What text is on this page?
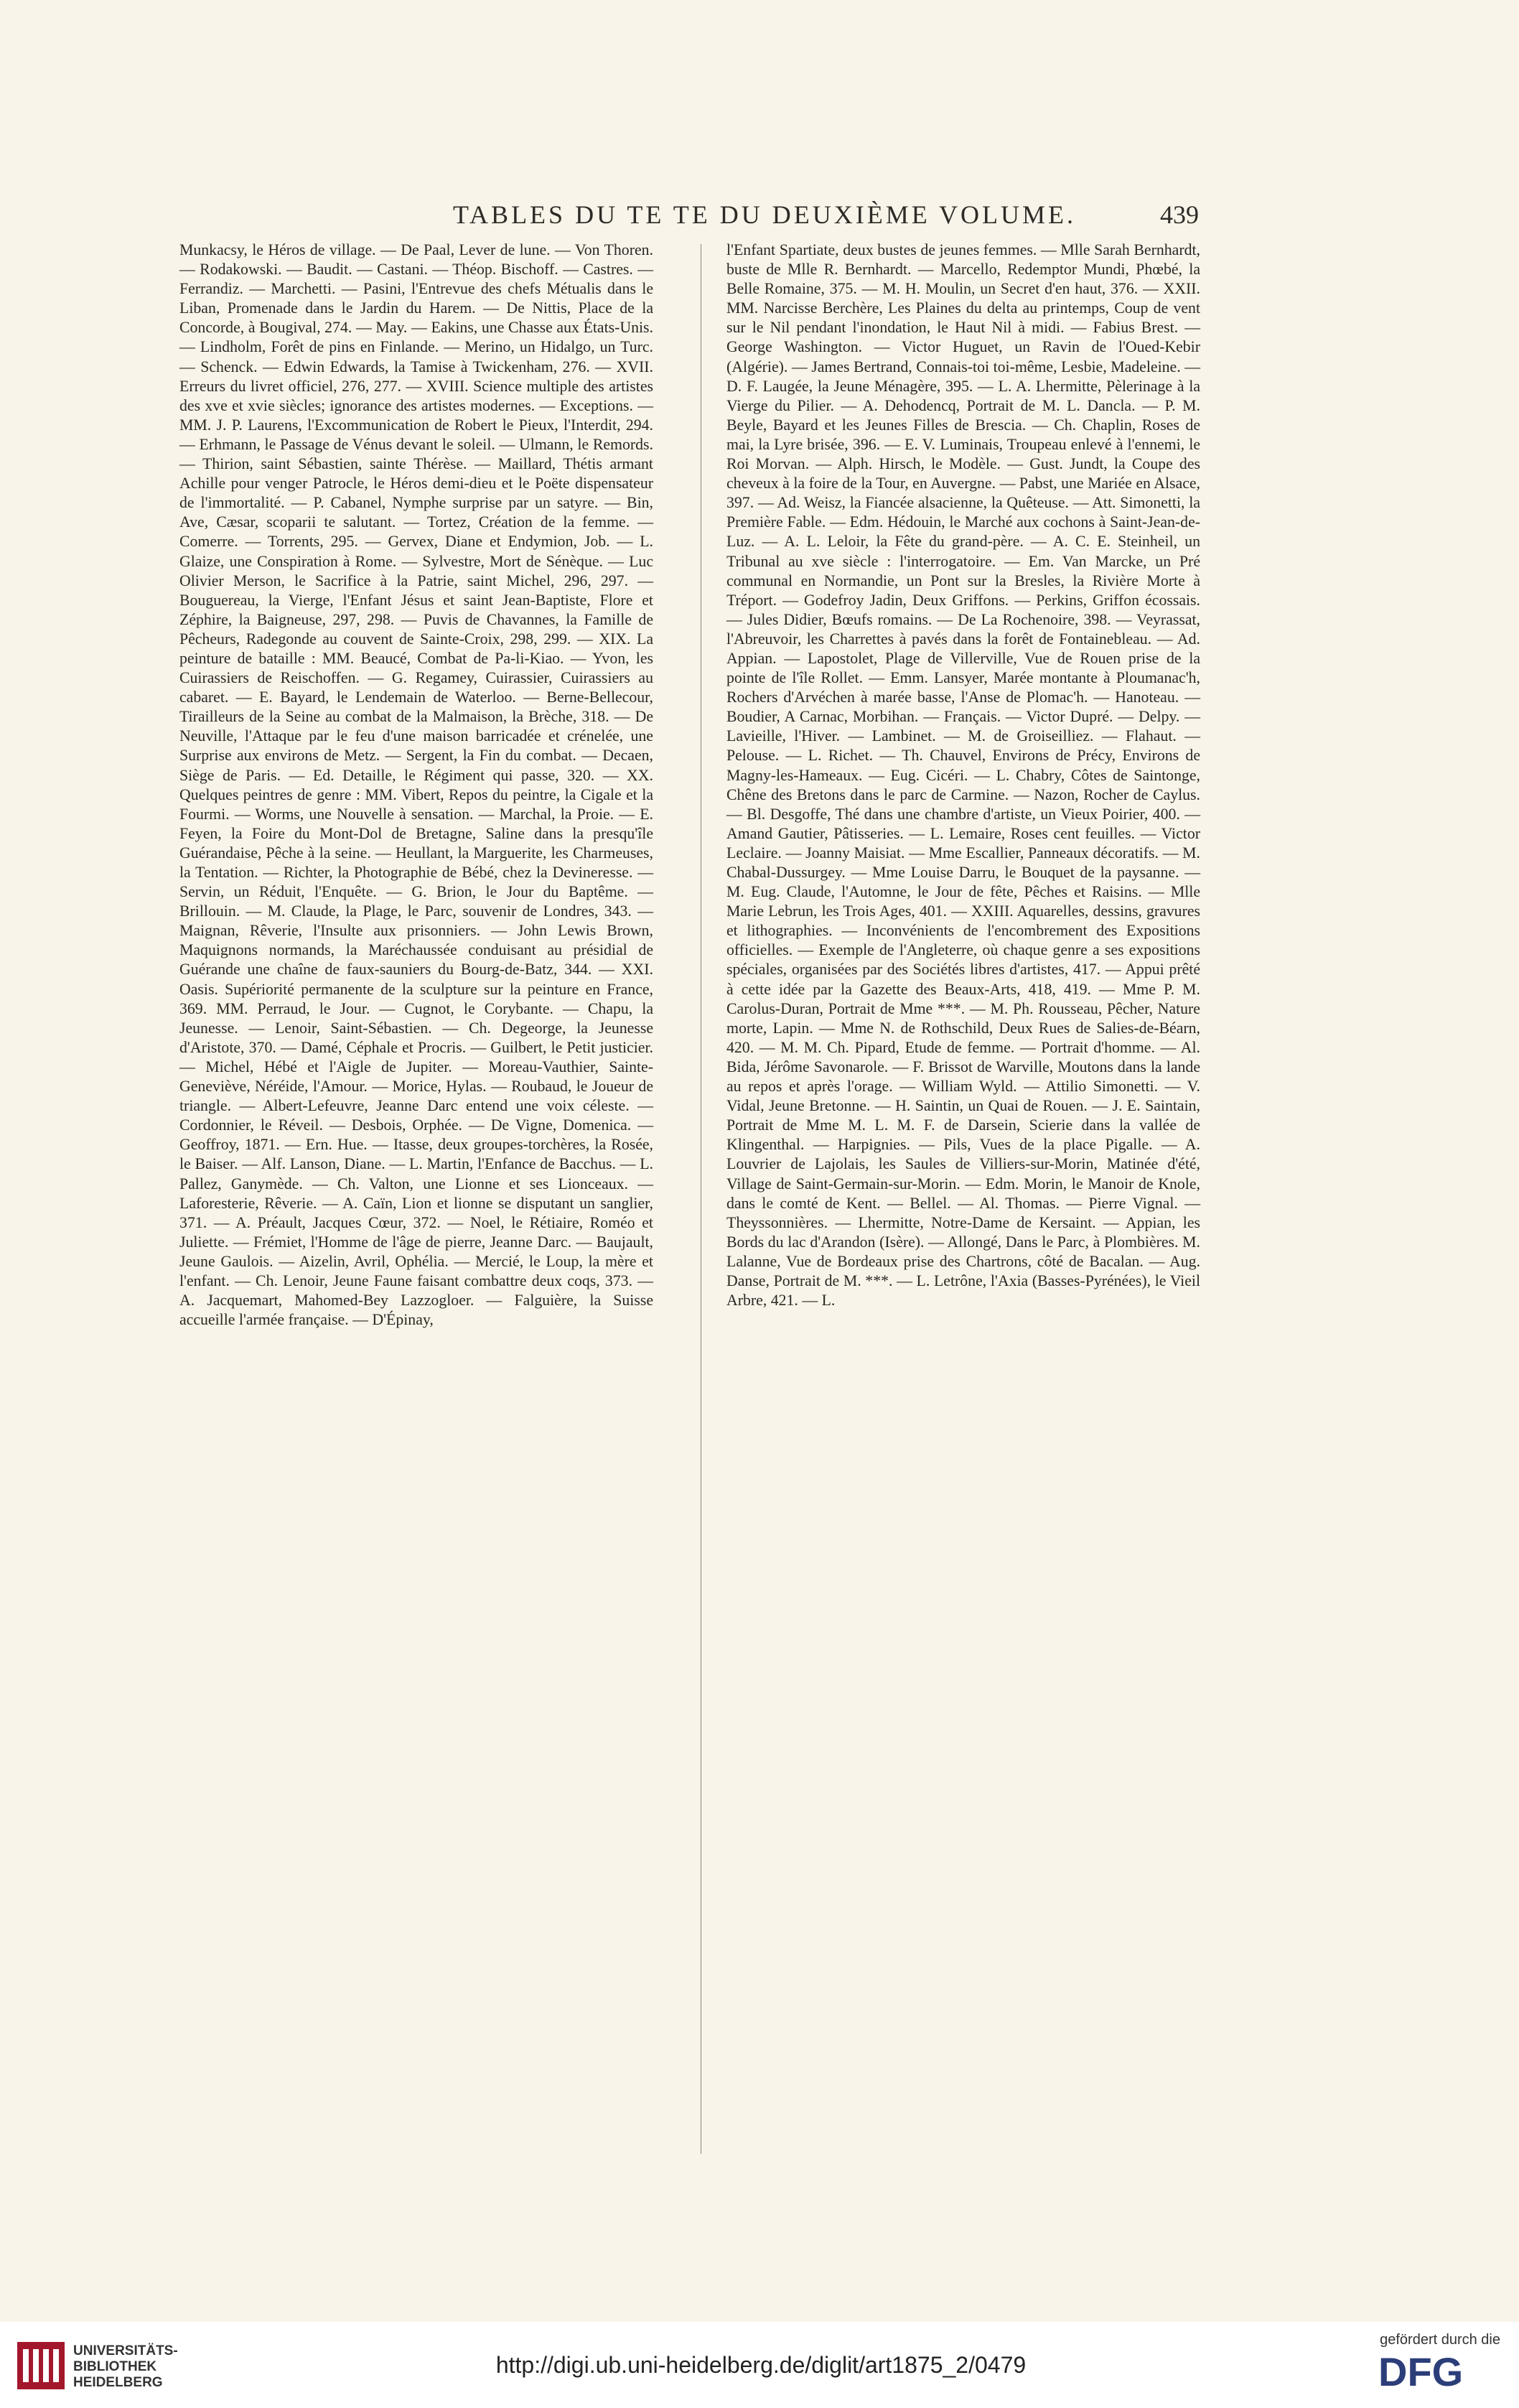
TABLES DU TE TE DU DEUXIÈME VOLUME.	439

Munkacsy, le Héros de village. — De Paal, Lever de lune. — Von Thoren. — Rodakowski. — Baudit. — Castani. — Théop. Bischoff. — Castres. — Ferrandiz. — Marchetti. — Pasini, l'Entrevue des chefs Métualis dans le Liban, Promenade dans le Jardin du Harem. — De Nittis, Place de la Concorde, à Bougival, 274. — May. — Eakins, une Chasse aux États-Unis. — Lindholm, Forêt de pins en Finlande. — Merino, un Hidalgo, un Turc. — Schenck. — Edwin Edwards, la Tamise à Twickenham, 276. — XVII. Erreurs du livret officiel, 276, 277. — XVIII. Science multiple des artistes des xve et xvie siècles; ignorance des artistes modernes. — Exceptions. — MM. J. P. Laurens, l'Excommunication de Robert le Pieux, l'Interdit, 294. — Erhmann, le Passage de Vénus devant le soleil. — Ulmann, le Remords. — Thirion, saint Sébastien, sainte Thérèse. — Maillard, Thétis armant Achille pour venger Patrocle, le Héros demi-dieu et le Poëte dispensateur de l'immortalité. — P. Cabanel, Nymphe surprise par un satyre. — Bin, Ave, Cæsar, scoparii te salutant. — Tortez, Création de la femme. — Comerre. — Torrents, 295. — Gervex, Diane et Endymion, Job. — L. Glaize, une Conspiration à Rome. — Sylvestre, Mort de Sénèque. — Luc Olivier Merson, le Sacrifice à la Patrie, saint Michel, 296, 297. — Bouguereau, la Vierge, l'Enfant Jésus et saint Jean-Baptiste, Flore et Zéphire, la Baigneuse, 297, 298. — Puvis de Chavannes, la Famille de Pêcheurs, Radegonde au couvent de Sainte-Croix, 298, 299. — XIX. La peinture de bataille : MM. Beaucé, Combat de Pa-li-Kiao. — Yvon, les Cuirassiers de Reischoffen. — G. Regamey, Cuirassier, Cuirassiers au cabaret. — E. Bayard, le Lendemain de Waterloo. — Berne-Bellecour, Tirailleurs de la Seine au combat de la Malmaison, la Brèche, 318. — De Neuville, l'Attaque par le feu d'une maison barricadée et crénelée, une Surprise aux environs de Metz. — Sergent, la Fin du combat. — Decaen, Siège de Paris. — Ed. Detaille, le Régiment qui passe, 320. — XX. Quelques peintres de genre : MM. Vibert, Repos du peintre, la Cigale et la Fourmi. — Worms, une Nouvelle à sensation. — Marchal, la Proie. — E. Feyen, la Foire du Mont-Dol de Bretagne, Saline dans la presqu'île Guérandaise, Pêche à la seine. — Heullant, la Marguerite, les Charmeuses, la Tentation. — Richter, la Photographie de Bébé, chez la Devineresse. — Servin, un Réduit, l'Enquête. — G. Brion, le Jour du Baptême. — Brillouin. — M. Claude, la Plage, le Parc, souvenir de Londres, 343. — Maignan, Rêverie, l'Insulte aux prisonniers. — John Lewis Brown, Maquignons normands, la Maréchaussée conduisant au présidial de Guérande une chaîne de faux-sauniers du Bourg-de-Batz, 344. — XXI. Oasis. Supériorité permanente de la sculpture sur la peinture en France, 369. MM. Perraud, le Jour. — Cugnot, le Corybante. — Chapu, la Jeunesse. — Lenoir, Saint-Sébastien. — Ch. Degeorge, la Jeunesse d'Aristote, 370. — Damé, Céphale et Procris. — Guilbert, le Petit justicier. — Michel, Hébé et l'Aigle de Jupiter. — Moreau-Vauthier, Sainte-Geneviève, Néréide, l'Amour. — Morice, Hylas. — Roubaud, le Joueur de triangle. — Albert-Lefeuvre, Jeanne Darc entend une voix céleste. — Cordonnier, le Réveil. — Desbois, Orphée. — De Vigne, Domenica. — Geoffroy, 1871. — Ern. Hue. — Itasse, deux groupes-torchères, la Rosée, le Baiser. — Alf. Lanson, Diane. — L. Martin, l'Enfance de Bacchus. — L. Pallez, Ganymède. — Ch. Valton, une Lionne et ses Lionceaux. — Laforesterie, Rêverie. — A. Caïn, Lion et lionne se disputant un sanglier, 371. — A. Préault, Jacques Cœur, 372. — Noel, le Rétiaire, Roméo et Juliette. — Frémiet, l'Homme de l'âge de pierre, Jeanne Darc. — Baujault, Jeune Gaulois. — Aizelin, Avril, Ophélia. — Mercié, le Loup, la mère et l'enfant. — Ch. Lenoir, Jeune Faune faisant combattre deux coqs, 373. — A. Jacquemart, Mahomed-Bey Lazzogloer. — Falguière, la Suisse accueille l'armée française. — D'Épinay,

l'Enfant Spartiate, deux bustes de jeunes femmes. — Mlle Sarah Bernhardt, buste de Mlle R. Bernhardt. — Marcello, Redemptor Mundi, Phœbé, la Belle Romaine, 375. — M. H. Moulin, un Secret d'en haut, 376. — XXII. MM. Narcisse Berchère, Les Plaines du delta au printemps, Coup de vent sur le Nil pendant l'inondation, le Haut Nil à midi. — Fabius Brest. — George Washington. — Victor Huguet, un Ravin de l'Oued-Kebir (Algérie). — James Bertrand, Connais-toi toi-même, Lesbie, Madeleine. — D. F. Laugée, la Jeune Ménagère, 395. — L. A. Lhermitte, Pèlerinage à la Vierge du Pilier. — A. Dehodencq, Portrait de M. L. Dancla. — P. M. Beyle, Bayard et les Jeunes Filles de Brescia. — Ch. Chaplin, Roses de mai, la Lyre brisée, 396. — E. V. Luminais, Troupeau enlevé à l'ennemi, le Roi Morvan. — Alph. Hirsch, le Modèle. — Gust. Jundt, la Coupe des cheveux à la foire de la Tour, en Auvergne. — Pabst, une Mariée en Alsace, 397. — Ad. Weisz, la Fiancée alsacienne, la Quêteuse. — Att. Simonetti, la Première Fable. — Edm. Hédouin, le Marché aux cochons à Saint-Jean-de-Luz. — A. L. Leloir, la Fête du grand-père. — A. C. E. Steinheil, un Tribunal au xve siècle : l'interrogatoire. — Em. Van Marcke, un Pré communal en Normandie, un Pont sur la Bresles, la Rivière Morte à Tréport. — Godefroy Jadin, Deux Griffons. — Perkins, Griffon écossais. — Jules Didier, Bœufs romains. — De La Rochenoire, 398. — Veyrassat, l'Abreuvoir, les Charrettes à pavés dans la forêt de Fontainebleau. — Ad. Appian. — Lapostolet, Plage de Villerville, Vue de Rouen prise de la pointe de l'île Rollet. — Emm. Lansyer, Marée montante à Ploumanac'h, Rochers d'Arvéchen à marée basse, l'Anse de Plomac'h. — Hanoteau. — Boudier, A Carnac, Morbihan. — Français. — Victor Dupré. — Delpy. — Lavieille, l'Hiver. — Lambinet. — M. de Groiseilliez. — Flahaut. — Pelouse. — L. Richet. — Th. Chauvel, Environs de Précy, Environs de Magny-les-Hameaux. — Eug. Cicéri. — L. Chabry, Côtes de Saintonge, Chêne des Bretons dans le parc de Carmine. — Nazon, Rocher de Caylus. — Bl. Desgoffe, Thé dans une chambre d'artiste, un Vieux Poirier, 400. — Amand Gautier, Pâtisseries. — L. Lemaire, Roses cent feuilles. — Victor Leclaire. — Joanny Maisiat. — Mme Escallier, Panneaux décoratifs. — M. Chabal-Dussurgey. — Mme Louise Darru, le Bouquet de la paysanne. — M. Eug. Claude, l'Automne, le Jour de fête, Pêches et Raisins. — Mlle Marie Lebrun, les Trois Ages, 401. — XXIII. Aquarelles, dessins, gravures et lithographies. — Inconvénients de l'encombrement des Expositions officielles. — Exemple de l'Angleterre, où chaque genre a ses expositions spéciales, organisées par des Sociétés libres d'artistes, 417. — Appui prêté à cette idée par la Gazette des Beaux-Arts, 418, 419. — Mme P. M. Carolus-Duran, Portrait de Mme ***. — M. Ph. Rousseau, Pêcher, Nature morte, Lapin. — Mme N. de Rothschild, Deux Rues de Salies-de-Béarn, 420. — M. M. Ch. Pipard, Etude de femme. — Portrait d'homme. — Al. Bida, Jérôme Savonarole. — F. Brissot de Warville, Moutons dans la lande au repos et après l'orage. — William Wyld. — Attilio Simonetti. — V. Vidal, Jeune Bretonne. — H. Saintin, un Quai de Rouen. — J. E. Saintain, Portrait de Mme M. L. M. F. de Darsein, Scierie dans la vallée de Klingenthal. — Harpignies. — Pils, Vues de la place Pigalle. — A. Louvrier de Lajolais, les Saules de Villiers-sur-Morin, Matinée d'été, Village de Saint-Germain-sur-Morin. — Edm. Morin, le Manoir de Knole, dans le comté de Kent. — Bellel. — Al. Thomas. — Pierre Vignal. — Theyssonnières. — Lhermitte, Notre-Dame de Kersaint. — Appian, les Bords du lac d'Arandon (Isère). — Allongé, Dans le Parc, à Plombières. M. Lalanne, Vue de Bordeaux prise des Chartrons, côté de Bacalan. — Aug. Danse, Portrait de M. ***. — L. Letrône, l'Axia (Basses-Pyrénées), le Vieil Arbre, 421. — L.

UNIVERSITÄTS-
BIBLIOTHEK
HEIDELBERG
http://digi.ub.uni-heidelberg.de/diglit/art1875_2/0479
gefördert durch die
DFG
